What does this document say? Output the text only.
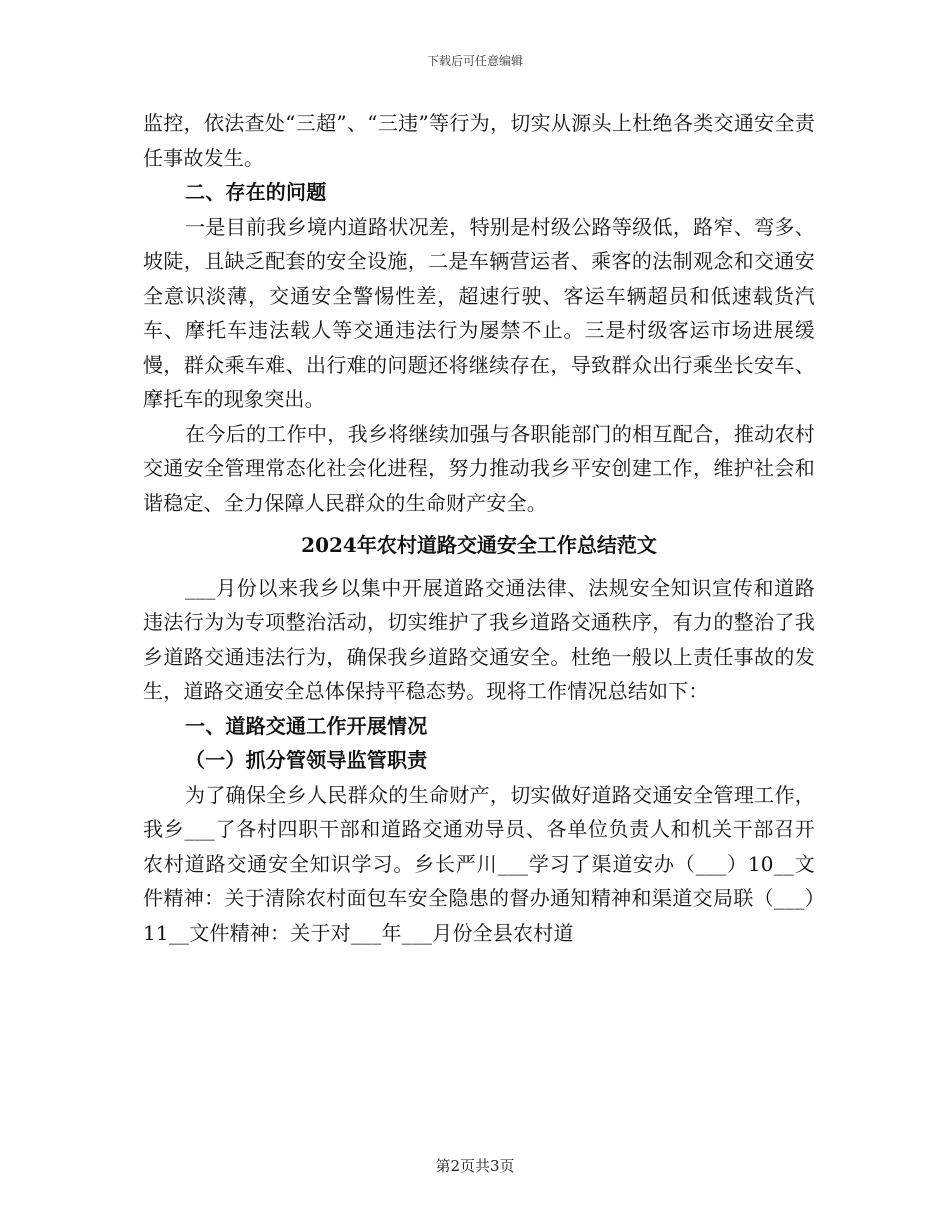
下载后可任意编辑

监控，依法查处“三超”、“三违”等行为，切实从源头上杜绝各类交通安全责任事故发生。

二、存在的问题

一是目前我乡境内道路状况差，特别是村级公路等级低，路窄、弯多、坡陡，且缺乏配套的安全设施，二是车辆营运者、乘客的法制观念和交通安全意识淡薄，交通安全警惕性差，超速行驶、客运车辆超员和低速载货汽车、摩托车违法载人等交通违法行为屡禁不止。三是村级客运市场进展缓慢，群众乘车难、出行难的问题还将继续存在，导致群众出行乘坐长安车、摩托车的现象突出。

在今后的工作中，我乡将继续加强与各职能部门的相互配合，推动农村交通安全管理常态化社会化进程，努力推动我乡平安创建工作，维护社会和谐稳定、全力保障人民群众的生命财产安全。

2024年农村道路交通安全工作总结范文

___月份以来我乡以集中开展道路交通法律、法规安全知识宣传和道路违法行为为专项整治活动，切实维护了我乡道路交通秩序，有力的整治了我乡道路交通违法行为，确保我乡道路交通安全。杜绝一般以上责任事故的发生，道路交通安全总体保持平稳态势。现将工作情况总结如下：

一、道路交通工作开展情况

（一）抓分管领导监管职责

为了确保全乡人民群众的生命财产，切实做好道路交通安全管理工作，我乡___了各村四职干部和道路交通劝导员、各单位负责人和机关干部召开农村道路交通安全知识学习。乡长严川___学习了渠道安办（___）10__文件精神：关于清除农村面包车安全隐患的督办通知精神和渠道交局联（___）11__文件精神：关于对___年___月份全县农村道

第2页共3页
